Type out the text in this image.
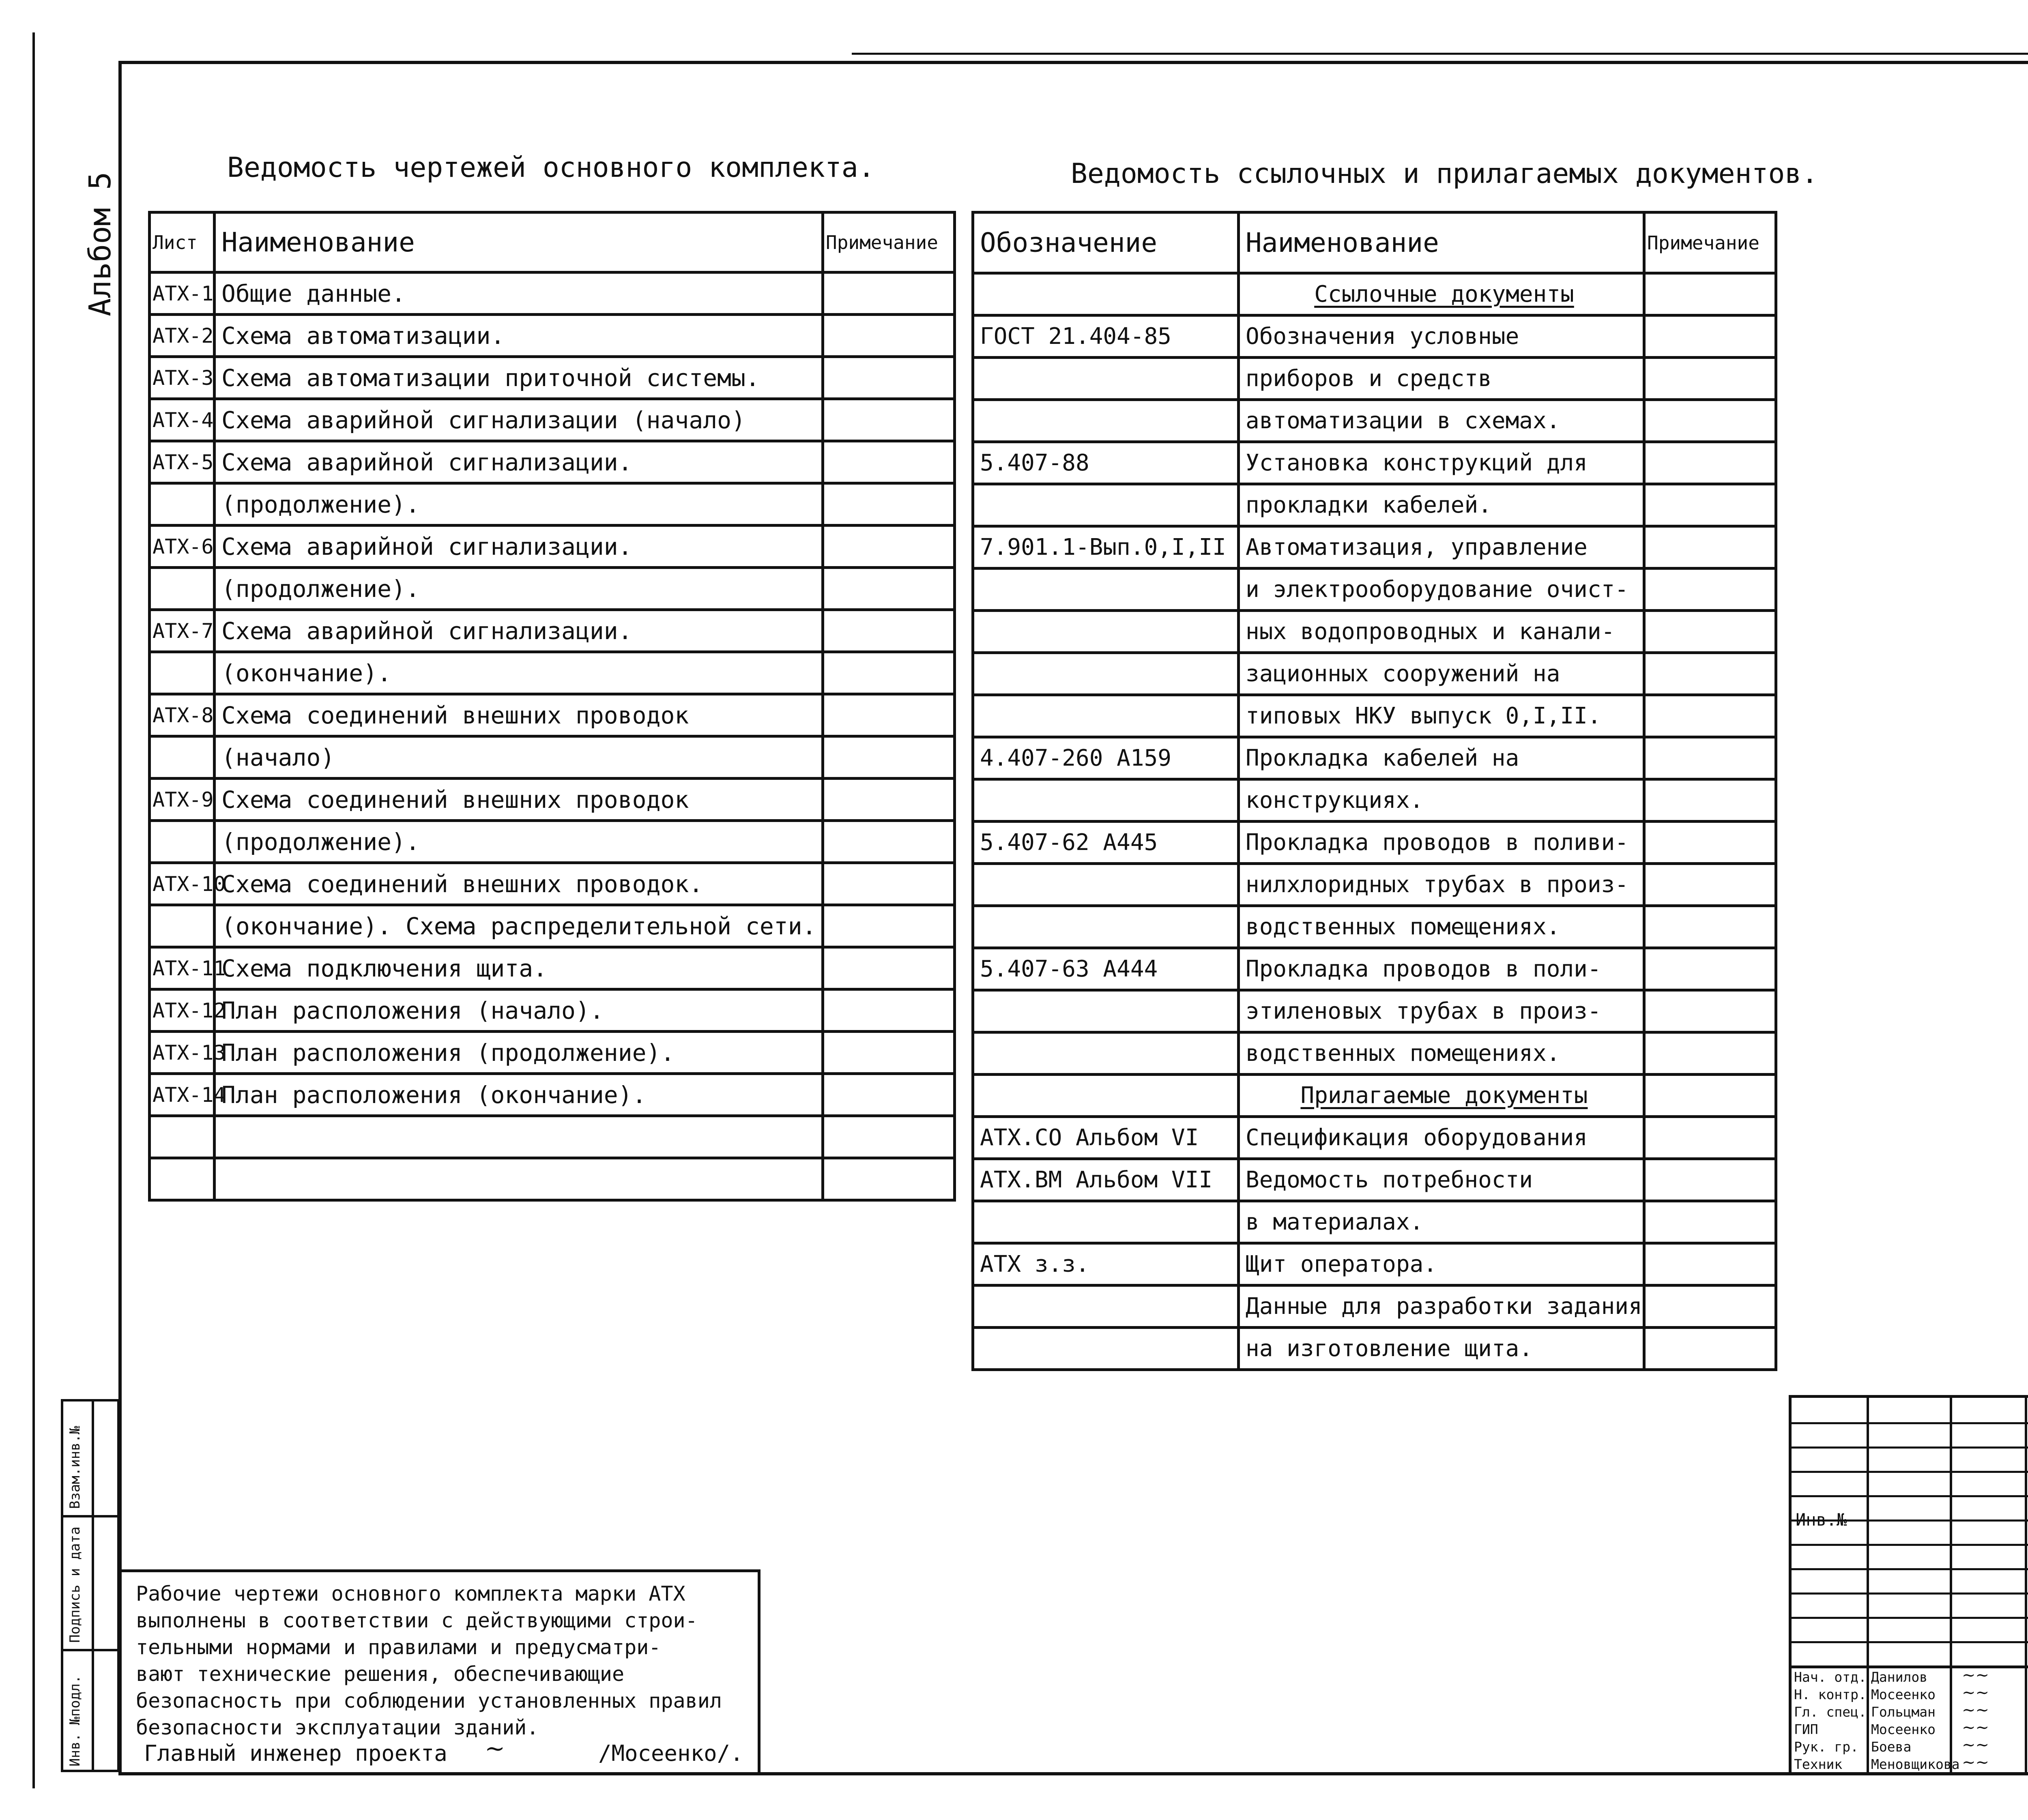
Альбом 5
Инв. №подл.
Подпись и дата
Взам.инв.№
Ведомость чертежей основного комплекта.
Лист	Наименование	Примечание
АТХ-1	Общие данные.	
АТХ-2	Схема автоматизации.	
АТХ-3	Схема автоматизации приточной системы.	
АТХ-4	Схема аварийной сигнализации (начало)	
АТХ-5	Схема аварийной сигнализации.	
	(продолжение).	
АТХ-6	Схема аварийной сигнализации.	
	(продолжение).	
АТХ-7	Схема аварийной сигнализации.	
	(окончание).	
АТХ-8	Схема соединений внешних проводок	
	(начало)	
АТХ-9	Схема соединений внешних проводок	
	(продолжение).	
АТХ-10	Схема соединений внешних проводок.	
	(окончание). Схема распределительной сети.	
АТХ-11	Схема подключения щита.	
АТХ-12	План расположения (начало).	
АТХ-13	План расположения (продолжение).	
АТХ-14	План расположения (окончание).	

Ведомость ссылочных и прилагаемых документов.
Обозначение	Наименование	Примечание
	Ссылочные документы	
ГОСТ 21.404-85	Обозначения условные	
	приборов и средств	
	автоматизации в схемах.	
5.407-88	Установка конструкций для	
	прокладки кабелей.	
7.901.1-Вып.0,I,II	Автоматизация, управление	
	и электрооборудование очист-	
	ных водопроводных и канали-	
	зационных сооружений на	
	типовых НКУ выпуск 0,I,II.	
4.407-260 А159	Прокладка кабелей на	
	конструкциях.	
5.407-62 А445	Прокладка проводов в поливи-	
	нилхлоридных трубах в произ-	
	водственных помещениях.	
5.407-63 А444	Прокладка проводов в поли-	
	этиленовых трубах в произ-	
	водственных помещениях.	
	Прилагаемые документы	
АТХ.СО Альбом VI	Спецификация оборудования	
АТХ.ВМ Альбом VII	Ведомость потребности	
	в материалах.	
АТХ з.з.	Щит оператора.	
	Данные для разработки задания	
	на изготовление щита.	
Рабочие чертежи основного комплекта марки АТХ
выполнены в соответствии с действующими строи-
тельными нормами и правилами и предусматри-
вают технические решения, обеспечивающие
безопасность при соблюдении установленных правил
безопасности эксплуатации зданий.
Главный инженер проекта ~	/Мосеенко/.
Инв.№
Нач. отд. Данилов	~~
Н. контр. Мосеенко	~~
Гл. спец. Гольцман	~~
ГИП	Мосеенко	~~
Рук. гр. Боева	~~
Техник Меновщикова ~~
